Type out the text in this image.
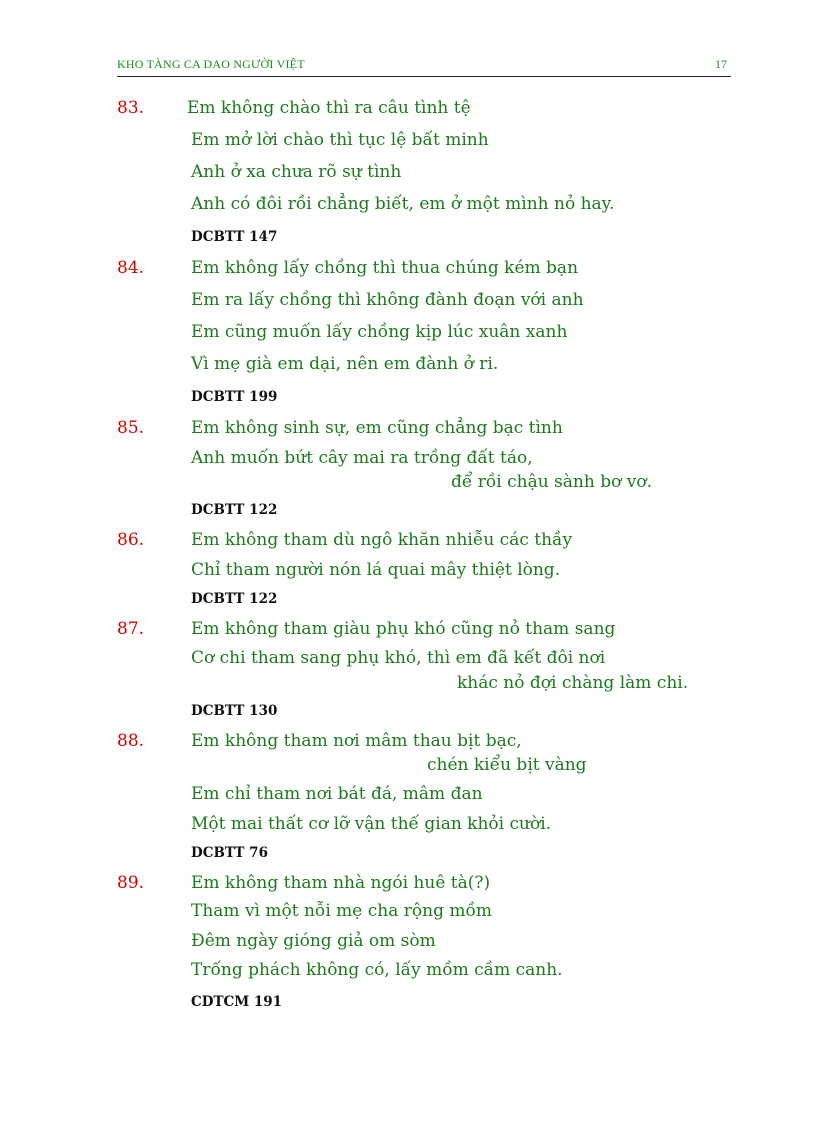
KHO TÀNG CA DAO NGƯỜI VIỆT	17
83.	Em không chào thì ra câu tình tệ
Em mở lời chào thì tục lệ bất minh
Anh ở xa chưa rõ sự tình
Anh có đôi rồi chẳng biết, em ở một mình nỏ hay.
DCBTT 147
84.	Em không lấy chồng thì thua chúng kém bạn
Em ra lấy chồng thì không đành đoạn với anh
Em cũng muốn lấy chồng kịp lúc xuân xanh
Vì mẹ già em dại, nên em đành ở ri.
DCBTT 199
85.	Em không sinh sự, em cũng chẳng bạc tình
Anh muốn bứt cây mai ra trồng đất táo,
để rồi chậu sành bơ vơ.
DCBTT 122
86.	Em không tham dù ngô khăn nhiễu các thầy
Chỉ tham người nón lá quai mây thiệt lòng.
DCBTT 122
87.	Em không tham giàu phụ khó cũng nỏ tham sang
Cơ chi tham sang phụ khó, thì em đã kết đôi nơi
khác nỏ đợi chàng làm chi.
DCBTT 130
88.	Em không tham nơi mâm thau bịt bạc,
chén kiểu bịt vàng
Em chỉ tham nơi bát đá, mâm đan
Một mai thất cơ lỡ vận thế gian khỏi cười.
DCBTT 76
89.	Em không tham nhà ngói huê tà(?)
Tham vì một nỗi mẹ cha rộng mồm
Đêm ngày gióng giả om sòm
Trống phách không có, lấy mồm cầm canh.
CDTCM 191
